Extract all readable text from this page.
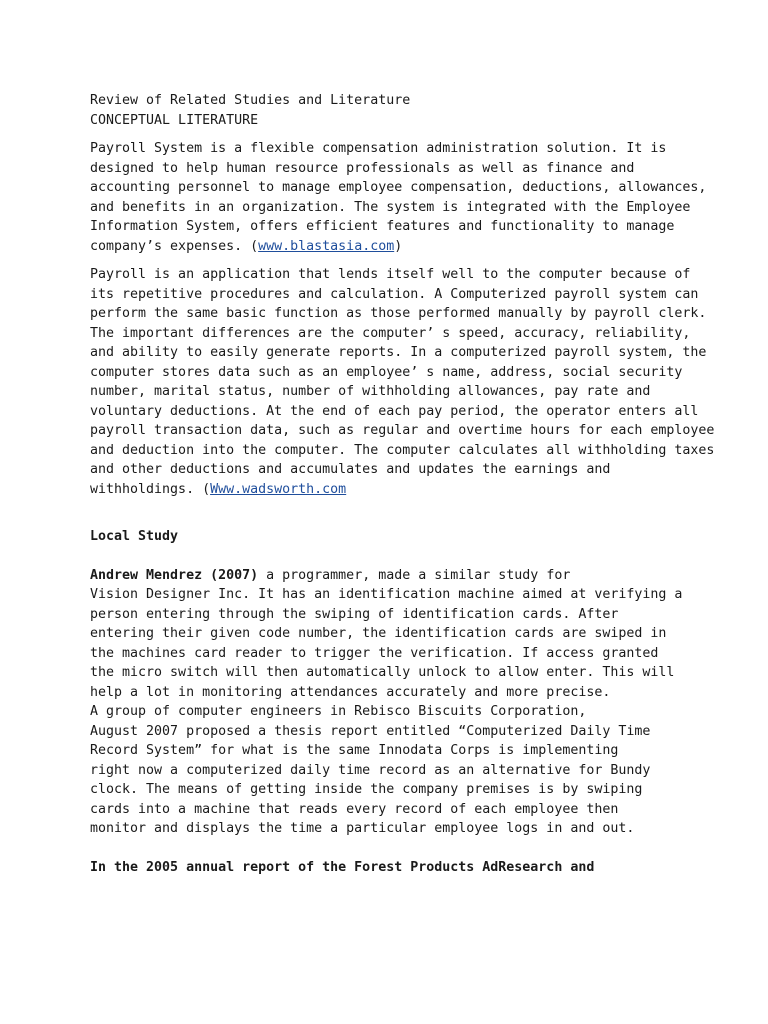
Review of Related Studies and Literature
CONCEPTUAL LITERATURE
Payroll System is a flexible compensation administration solution. It is
designed to help human resource professionals as well as finance and
accounting personnel to manage employee compensation, deductions, allowances,
and benefits in an organization. The system is integrated with the Employee
Information System, offers efficient features and functionality to manage
company’s expenses. (www.blastasia.com)
Payroll is an application that lends itself well to the computer because of
its repetitive procedures and calculation. A Computerized payroll system can
perform the same basic function as those performed manually by payroll clerk.
The important differences are the computer’ s speed, accuracy, reliability,
and ability to easily generate reports. In a computerized payroll system, the
computer stores data such as an employee’ s name, address, social security
number, marital status, number of withholding allowances, pay rate and
voluntary deductions. At the end of each pay period, the operator enters all
payroll transaction data, such as regular and overtime hours for each employee
and deduction into the computer. The computer calculates all withholding taxes
and other deductions and accumulates and updates the earnings and
withholdings. (Www.wadsworth.com
Local Study
Andrew Mendrez (2007) a programmer, made a similar study for
Vision Designer Inc. It has an identification machine aimed at verifying a
person entering through the swiping of identification cards. After
entering their given code number, the identification cards are swiped in
the machines card reader to trigger the verification. If access granted
the micro switch will then automatically unlock to allow enter. This will
help a lot in monitoring attendances accurately and more precise.
A group of computer engineers in Rebisco Biscuits Corporation,
August 2007 proposed a thesis report entitled “Computerized Daily Time
Record System” for what is the same Innodata Corps is implementing
right now a computerized daily time record as an alternative for Bundy
clock. The means of getting inside the company premises is by swiping
cards into a machine that reads every record of each employee then
monitor and displays the time a particular employee logs in and out.
In the 2005 annual report of the Forest Products AdResearch and
